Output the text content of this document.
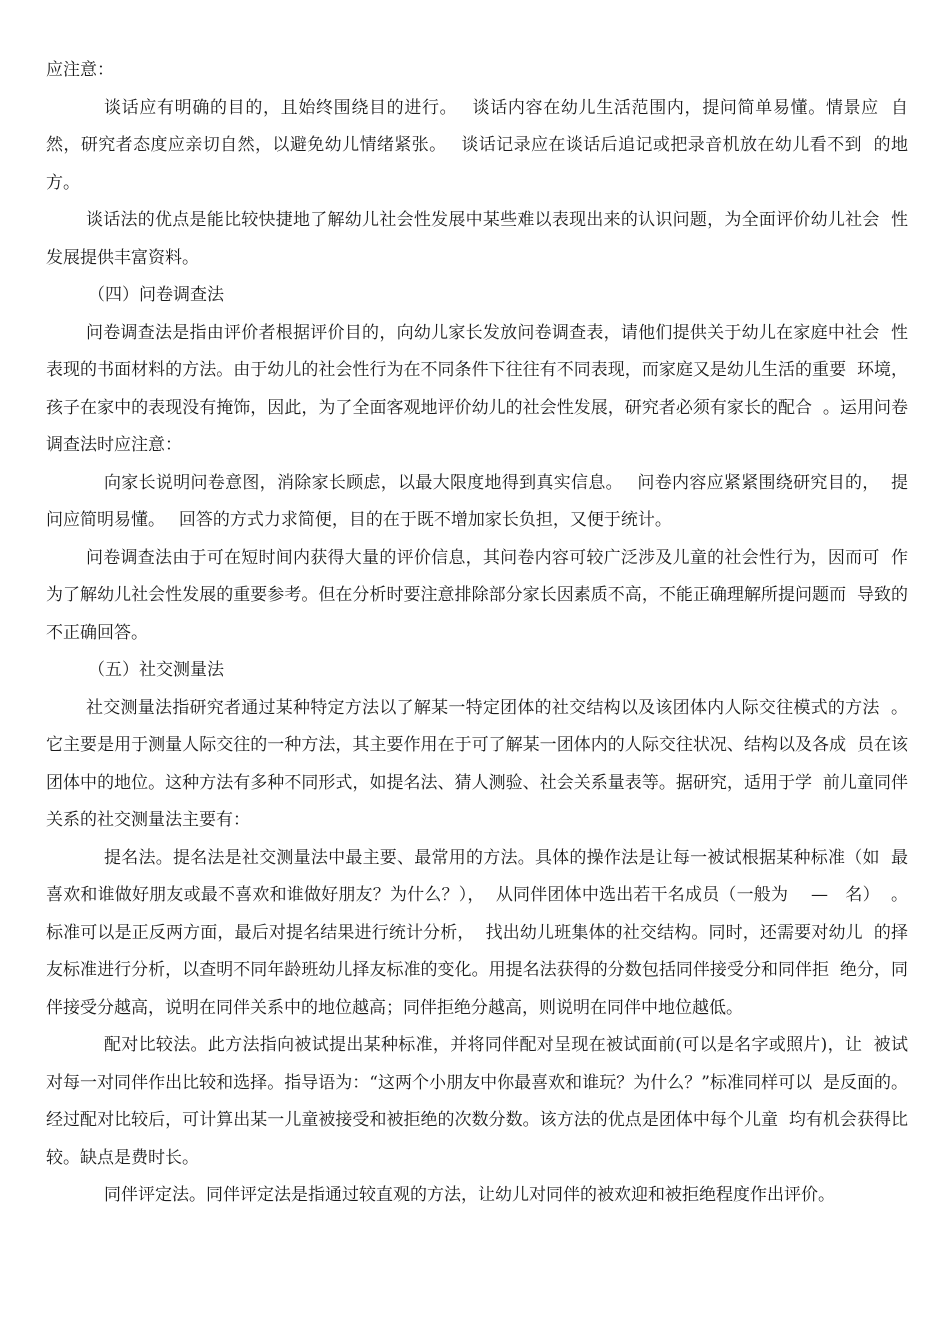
应注意：

谈话应有明确的目的，且始终围绕目的进行。　 谈话内容在幼儿生活范围内，提问简单易懂。情景应  自然，研究者态度应亲切自然，以避免幼儿情绪紧张。　 谈话记录应在谈话后追记或把录音机放在幼儿看不到  的地方。

谈话法的优点是能比较快捷地了解幼儿社会性发展中某些难以表现出来的认识问题，为全面评价幼儿社会  性发展提供丰富资料。

（四）问卷调查法

问卷调查法是指由评价者根据评价目的，向幼儿家长发放问卷调查表，请他们提供关于幼儿在家庭中社会  性表现的书面材料的方法。由于幼儿的社会性行为在不同条件下往往有不同表现，而家庭又是幼儿生活的重要  环境，孩子在家中的表现没有掩饰，因此，为了全面客观地评价幼儿的社会性发展，研究者必须有家长的配合  。运用问卷调查法时应注意：

向家长说明问卷意图，消除家长顾虑，以最大限度地得到真实信息。　 问卷内容应紧紧围绕研究目的，  提问应简明易懂。　 回答的方式力求简便，目的在于既不增加家长负担，又便于统计。

问卷调查法由于可在短时间内获得大量的评价信息，其问卷内容可较广泛涉及儿童的社会性行为，因而可  作为了解幼儿社会性发展的重要参考。但在分析时要注意排除部分家长因素质不高，不能正确理解所提问题而  导致的不正确回答。

（五）社交测量法

社交测量法指研究者通过某种特定方法以了解某一特定团体的社交结构以及该团体内人际交往模式的方法  。它主要是用于测量人际交往的一种方法，其主要作用在于可了解某一团体内的人际交往状况、结构以及各成  员在该团体中的地位。这种方法有多种不同形式，如提名法、猜人测验、社会关系量表等。据研究，适用于学  前儿童同伴关系的社交测量法主要有：

提名法。提名法是社交测量法中最主要、最常用的方法。具体的操作法是让每一被试根据某种标准（如  最喜欢和谁做好朋友或最不喜欢和谁做好朋友？为什么？），  从同伴团体中选出若干名成员（一般为　 —　名）  。标准可以是正反两方面，最后对提名结果进行统计分析，  找出幼儿班集体的社交结构。同时，还需要对幼儿  的择友标准进行分析，以查明不同年龄班幼儿择友标准的变化。用提名法获得的分数包括同伴接受分和同伴拒  绝分，同伴接受分越高，说明在同伴关系中的地位越高；同伴拒绝分越高，则说明在同伴中地位越低。

配对比较法。此方法指向被试提出某种标准，并将同伴配对呈现在被试面前(可以是名字或照片)，让  被试对每一对同伴作出比较和选择。指导语为：“这两个小朋友中你最喜欢和谁玩？为什么？”标准同样可以  是反面的。经过配对比较后，可计算出某一儿童被接受和被拒绝的次数分数。该方法的优点是团体中每个儿童  均有机会获得比较。缺点是费时长。

同伴评定法。同伴评定法是指通过较直观的方法，让幼儿对同伴的被欢迎和被拒绝程度作出评价。
